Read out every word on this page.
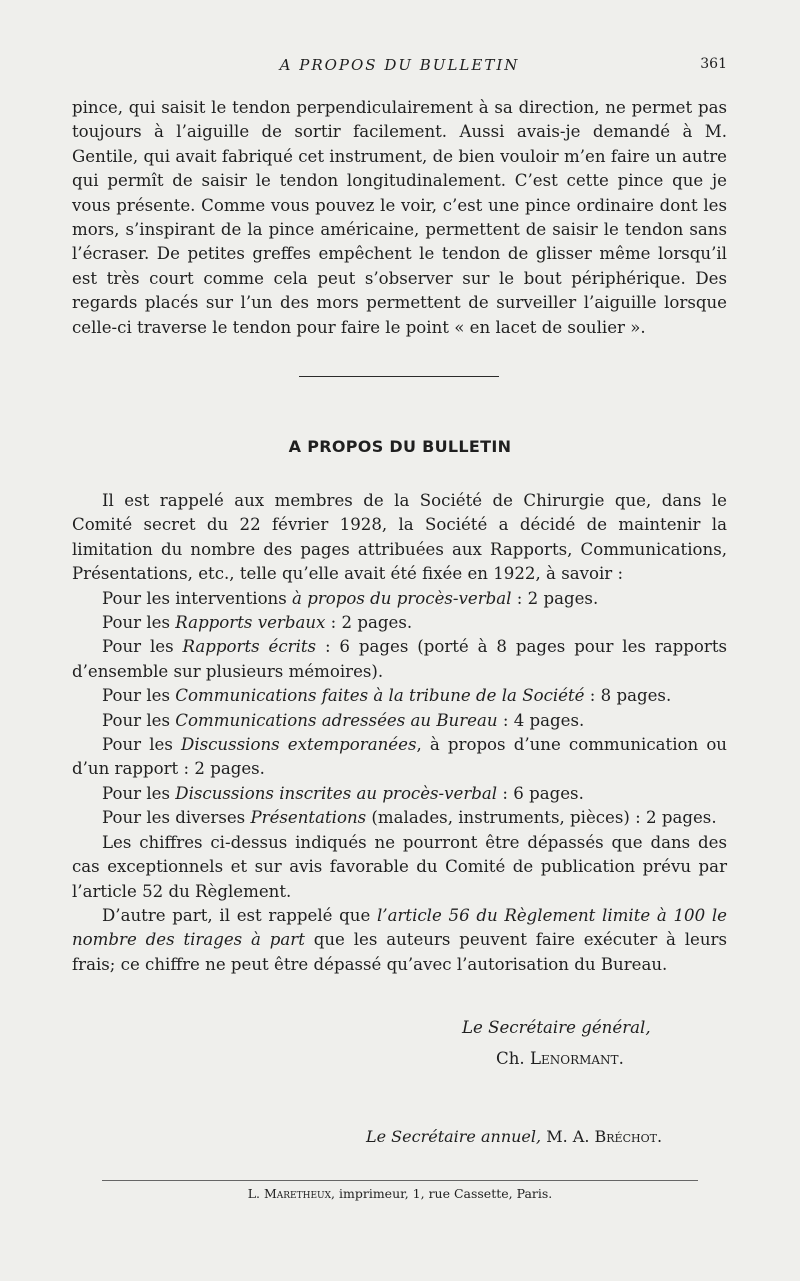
A PROPOS DU BULLETIN	361

pince, qui saisit le tendon perpendiculairement à sa direction, ne permet pas toujours à l’aiguille de sortir facilement. Aussi avais-je demandé à M. Gentile, qui avait fabriqué cet instrument, de bien vouloir m’en faire un autre qui permît de saisir le tendon longitudinalement. C’est cette pince que je vous présente. Comme vous pouvez le voir, c’est une pince ordinaire dont les mors, s’inspirant de la pince américaine, permettent de saisir le tendon sans l’écraser. De petites greffes empêchent le tendon de glisser même lorsqu’il est très court comme cela peut s’observer sur le bout périphérique. Des regards placés sur l’un des mors permettent de surveiller l’aiguille lorsque celle-ci traverse le tendon pour faire le point « en lacet de soulier ».

A PROPOS DU BULLETIN

Il est rappelé aux membres de la Société de Chirurgie que, dans le Comité secret du 22 février 1928, la Société a décidé de maintenir la limitation du nombre des pages attribuées aux Rapports, Communications, Présentations, etc., telle qu’elle avait été fixée en 1922, à savoir :

Pour les interventions à propos du procès-verbal : 2 pages.

Pour les Rapports verbaux : 2 pages.

Pour les Rapports écrits : 6 pages (porté à 8 pages pour les rapports d’ensemble sur plusieurs mémoires).

Pour les Communications faites à la tribune de la Société : 8 pages.

Pour les Communications adressées au Bureau : 4 pages.

Pour les Discussions extemporanées, à propos d’une communication ou d’un rapport : 2 pages.

Pour les Discussions inscrites au procès-verbal : 6 pages.

Pour les diverses Présentations (malades, instruments, pièces) : 2 pages.

Les chiffres ci-dessus indiqués ne pourront être dépassés que dans des cas exceptionnels et sur avis favorable du Comité de publication prévu par l’article 52 du Règlement.

D’autre part, il est rappelé que l’article 56 du Règlement limite à 100 le nombre des tirages à part que les auteurs peuvent faire exécuter à leurs frais; ce chiffre ne peut être dépassé qu’avec l’autorisation du Bureau.

Le Secrétaire général,
Ch. Lenormant.
Le Secrétaire annuel, M. A. Bréchot.
L. Maretheux, imprimeur, 1, rue Cassette, Paris.
